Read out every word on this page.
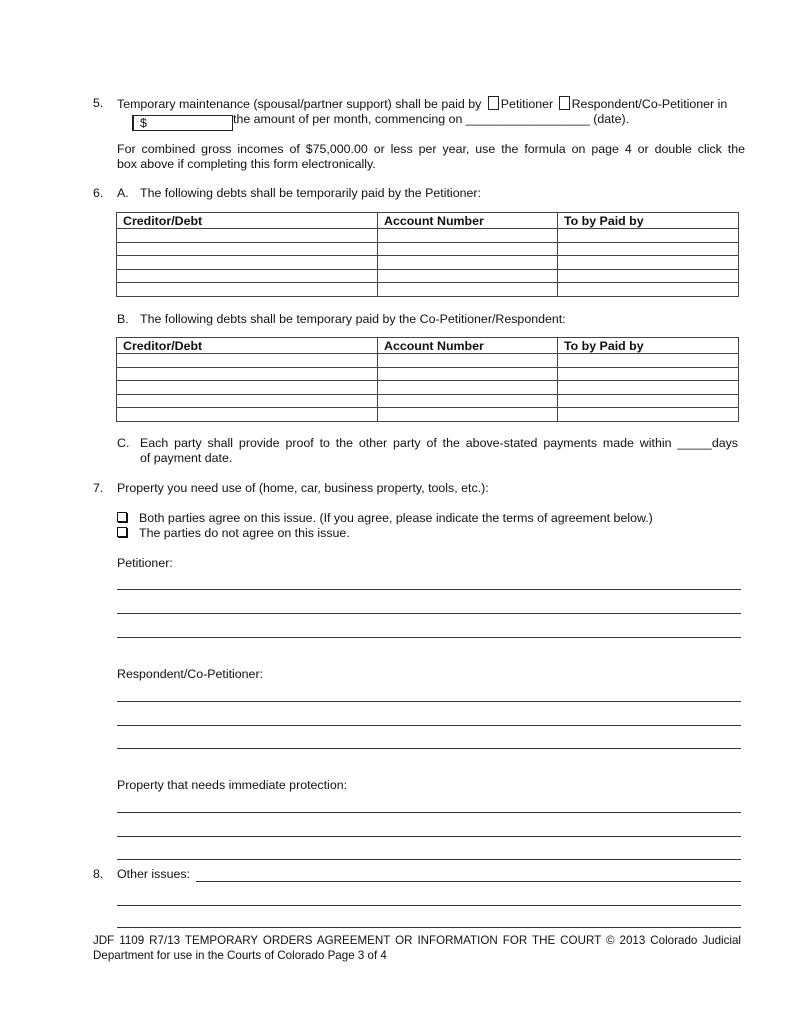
5. Temporary maintenance (spousal/partner support) shall be paid by Petitioner Respondent/Co-Petitioner in
$	the amount of per month, commencing on __________________ (date).
For combined gross incomes of $75,000.00 or less per year, use the formula on page 4 or double click the
box above if completing this form electronically.
6. A. The following debts shall be temporarily paid by the Petitioner:
Creditor/Debt	Account Number	To by Paid by

B. The following debts shall be temporary paid by the Co-Petitioner/Respondent:
Creditor/Debt	Account Number	To by Paid by

C. Each party shall provide proof to the other party of the above-stated payments made within _____days
of payment date.
7. Property you need use of (home, car, business property, tools, etc.):
Both parties agree on this issue. (If you agree, please indicate the terms of agreement below.)
The parties do not agree on this issue.
Petitioner:
Respondent/Co-Petitioner:
Property that needs immediate protection:
8. Other issues:
JDF 1109 R7/13 TEMPORARY ORDERS AGREEMENT OR INFORMATION FOR THE COURT © 2013 Colorado Judicial
Department for use in the Courts of Colorado Page 3 of 4
